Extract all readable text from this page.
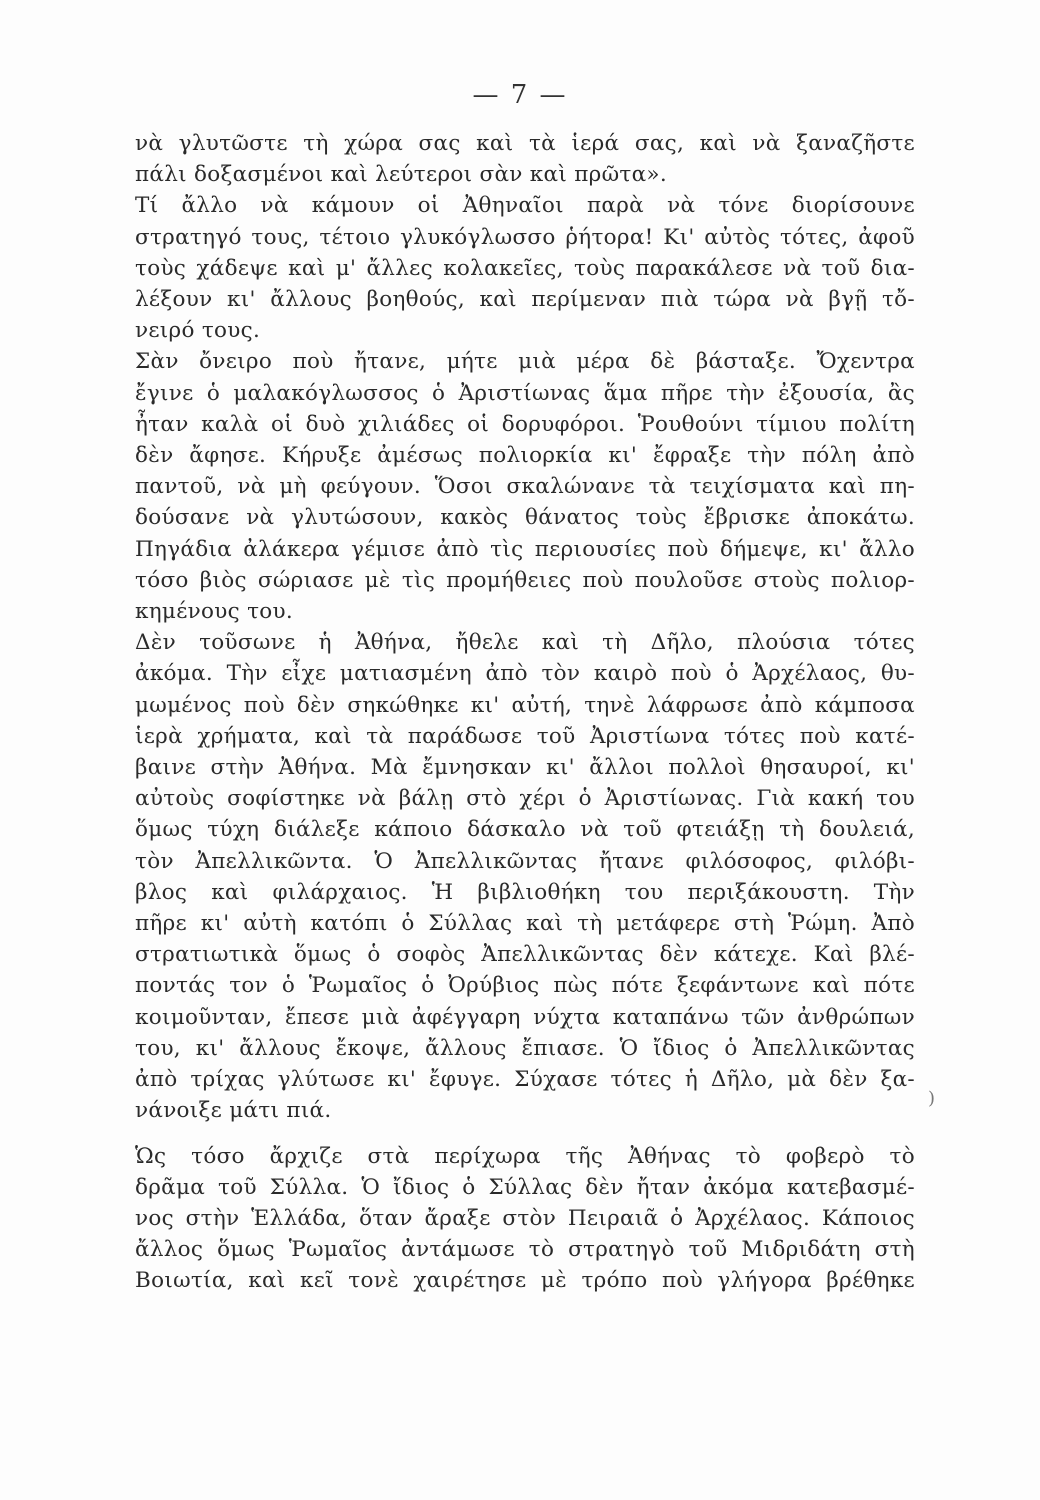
— 7 —
νὰ γλυτῶστε τὴ χώρα σας καὶ τὰ ἱερά σας, καὶ νὰ ξαναζῆστε
πάλι δοξασμένοι καὶ λεύτεροι σὰν καὶ πρῶτα».
Τί ἄλλο νὰ κάμουν οἱ Ἀθηναῖοι παρὰ νὰ τόνε διορίσουνε
στρατηγό τους, τέτοιο γλυκόγλωσσο ῥήτορα! Κι' αὐτὸς τότες, ἀφοῦ
τοὺς χάδεψε καὶ μ' ἄλλες κολακεῖες, τοὺς παρακάλεσε νὰ τοῦ δια-
λέξουν κι' ἄλλους βοηθούς, καὶ περίμεναν πιὰ τώρα νὰ βγῇ τὄ-
νειρό τους.
Σὰν ὄνειρο ποὺ ἤτανε, μήτε μιὰ μέρα δὲ βάσταξε. Ὄχεντρα
ἔγινε ὁ μαλακόγλωσσος ὁ Ἀριστίωνας ἅμα πῆρε τὴν ἐξουσία, ἂς
ἦταν καλὰ οἱ δυὸ χιλιάδες οἱ δορυφόροι. Ῥουθούνι τίμιου πολίτη
δὲν ἄφησε. Κήρυξε ἀμέσως πολιορκία κι' ἔφραξε τὴν πόλη ἀπὸ
παντοῦ, νὰ μὴ φεύγουν. Ὅσοι σκαλώνανε τὰ τειχίσματα καὶ πη-
δούσανε νὰ γλυτώσουν, κακὸς θάνατος τοὺς ἔβρισκε ἀποκάτω.
Πηγάδια ἀλάκερα γέμισε ἀπὸ τὶς περιουσίες ποὺ δήμεψε, κι' ἄλλο
τόσο βιὸς σώριασε μὲ τὶς προμήθειες ποὺ πουλοῦσε στοὺς πολιορ-
κημένους του.
Δὲν τοῦσωνε ἡ Ἀθήνα, ἤθελε καὶ τὴ Δῆλο, πλούσια τότες
ἀκόμα. Τὴν εἶχε ματιασμένη ἀπὸ τὸν καιρὸ ποὺ ὁ Ἀρχέλαος, θυ-
μωμένος ποὺ δὲν σηκώθηκε κι' αὐτή, τηνὲ λάφρωσε ἀπὸ κάμποσα
ἱερὰ χρήματα, καὶ τὰ παράδωσε τοῦ Ἀριστίωνα τότες ποὺ κατέ-
βαινε στὴν Ἀθήνα. Μὰ ἔμνησκαν κι' ἄλλοι πολλοὶ θησαυροί, κι'
αὐτοὺς σοφίστηκε νὰ βάλῃ στὸ χέρι ὁ Ἀριστίωνας. Γιὰ κακή του
ὅμως τύχη διάλεξε κάποιο δάσκαλο νὰ τοῦ φτειάξῃ τὴ δουλειά,
τὸν Ἀπελλικῶντα. Ὁ Ἀπελλικῶντας ἤτανε φιλόσοφος, φιλόβι-
βλος καὶ φιλάρχαιος. Ἡ βιβλιοθήκη του περιξάκουστη. Τὴν
πῆρε κι' αὐτὴ κατόπι ὁ Σύλλας καὶ τὴ μετάφερε στὴ Ῥώμη. Ἀπὸ
στρατιωτικὰ ὅμως ὁ σοφὸς Ἀπελλικῶντας δὲν κάτεχε. Καὶ βλέ-
ποντάς τον ὁ Ῥωμαῖος ὁ Ὀρύβιος πὼς πότε ξεφάντωνε καὶ πότε
κοιμοῦνταν, ἔπεσε μιὰ ἀφέγγαρη νύχτα καταπάνω τῶν ἀνθρώπων
του, κι' ἄλλους ἔκοψε, ἄλλους ἔπιασε. Ὁ ἴδιος ὁ Ἀπελλικῶντας
ἀπὸ τρίχας γλύτωσε κι' ἔφυγε. Σύχασε τότες ἡ Δῆλο, μὰ δὲν ξα-
νάνοιξε μάτι πιά.
Ὡς τόσο ἄρχιζε στὰ περίχωρα τῆς Ἀθήνας τὸ φοβερὸ τὸ
δρᾶμα τοῦ Σύλλα. Ὁ ἴδιος ὁ Σύλλας δὲν ἤταν ἀκόμα κατεβασμέ-
νος στὴν Ἑλλάδα, ὅταν ἄραξε στὸν Πειραιᾶ ὁ Ἀρχέλαος. Κάποιος
ἄλλος ὅμως Ῥωμαῖος ἀντάμωσε τὸ στρατηγὸ τοῦ Μιδριδάτη στὴ
Βοιωτία, καὶ κεῖ τονὲ χαιρέτησε μὲ τρόπο ποὺ γλήγορα βρέθηκε
)
